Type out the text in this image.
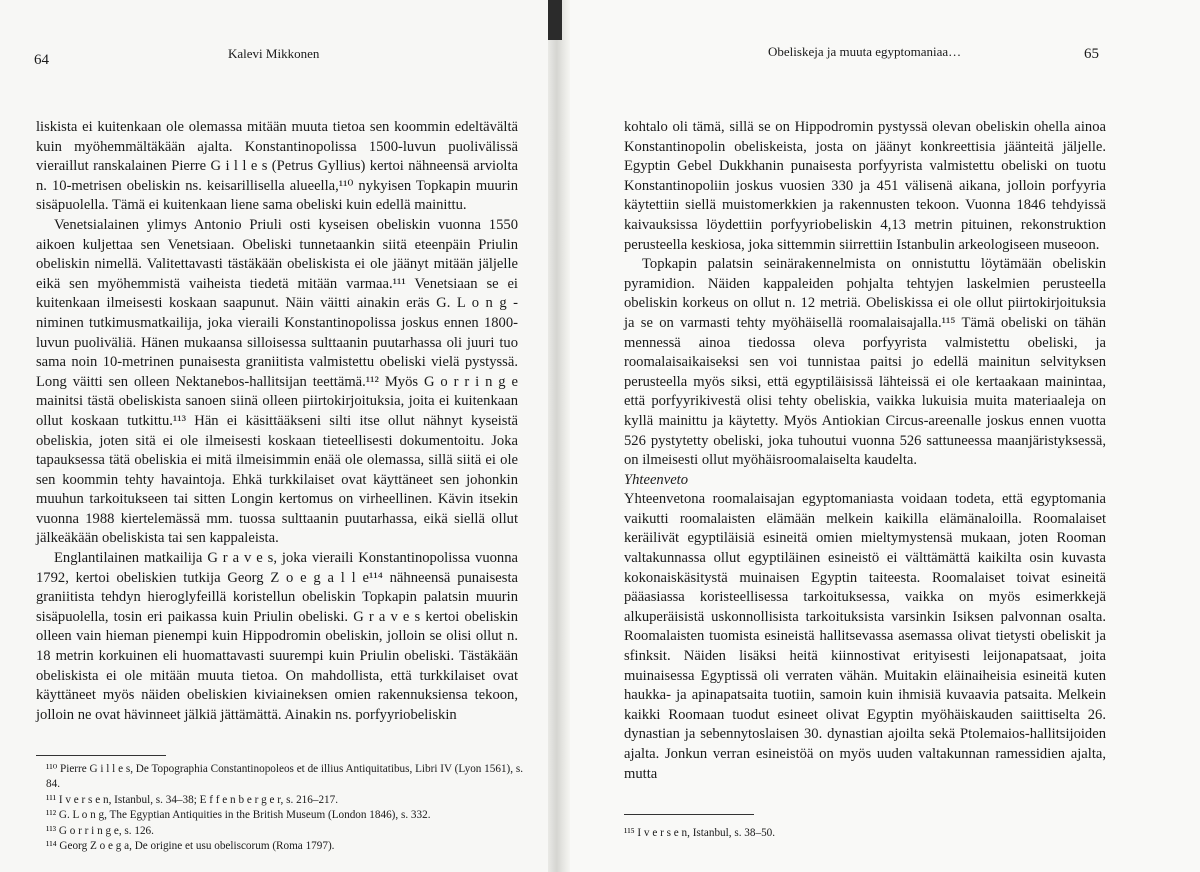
64	Kalevi Mikkonen

liskista ei kuitenkaan ole olemassa mitään muuta tietoa sen koommin edeltävältä kuin myöhemmältäkään ajalta. Konstantinopolissa 1500-luvun puolivälissä vieraillut ranskalainen Pierre G i l l e s (Petrus Gyllius) kertoi nähneensä arviolta n. 10-metrisen obeliskin ns. keisarillisella alueella,¹¹⁰ nykyisen Topkapin muurin sisäpuolella. Tämä ei kuitenkaan liene sama obeliski kuin edellä mainittu.

Venetsialainen ylimys Antonio Priuli osti kyseisen obeliskin vuonna 1550 aikoen kuljettaa sen Venetsiaan. Obeliski tunnetaankin siitä eteenpäin Priulin obeliskin nimellä. Valitettavasti tästäkään obeliskista ei ole jäänyt mitään jäljelle eikä sen myöhemmistä vaiheista tiedetä mitään varmaa.¹¹¹ Venetsiaan se ei kuitenkaan ilmeisesti koskaan saapunut. Näin väitti ainakin eräs G. L o n g -niminen tutkimusmatkailija, joka vieraili Konstantinopolissa joskus ennen 1800-luvun puoliväliä. Hänen mukaansa silloisessa sulttaanin puutarhassa oli juuri tuo sama noin 10-metrinen punaisesta graniitista valmistettu obeliski vielä pystyssä. Long väitti sen olleen Nektanebos-hallitsijan teettämä.¹¹² Myös G o r r i n g e mainitsi tästä obeliskista sanoen siinä olleen piirtokirjoituksia, joita ei kuitenkaan ollut koskaan tutkittu.¹¹³ Hän ei käsittääkseni silti itse ollut nähnyt kyseistä obeliskia, joten sitä ei ole ilmeisesti koskaan tieteellisesti dokumentoitu. Joka tapauksessa tätä obeliskia ei mitä ilmeisimmin enää ole olemassa, sillä siitä ei ole sen koommin tehty havaintoja. Ehkä turkkilaiset ovat käyttäneet sen johonkin muuhun tarkoitukseen tai sitten Longin kertomus on virheellinen. Kävin itsekin vuonna 1988 kiertelemässä mm. tuossa sulttaanin puutarhassa, eikä siellä ollut jälkeäkään obeliskista tai sen kappaleista.

Englantilainen matkailija G r a v e s, joka vieraili Konstantinopolissa vuonna 1792, kertoi obeliskien tutkija Georg Z o e g a l l e¹¹⁴ nähneensä punaisesta graniitista tehdyn hieroglyfeillä koristellun obeliskin Topkapin palatsin muurin sisäpuolella, tosin eri paikassa kuin Priulin obeliski. G r a v e s kertoi obeliskin olleen vain hieman pienempi kuin Hippodromin obeliskin, jolloin se olisi ollut n. 18 metrin korkuinen eli huomattavasti suurempi kuin Priulin obeliski. Tästäkään obeliskista ei ole mitään muuta tietoa. On mahdollista, että turkkilaiset ovat käyttäneet myös näiden obeliskien kiviaineksen omien rakennuksiensa tekoon, jolloin ne ovat hävinneet jälkiä jättämättä. Ainakin ns. porfyyriobeliskin

¹¹⁰ Pierre G i l l e s, De Topographia Constantinopoleos et de illius Antiquitatibus, Libri IV (Lyon 1561), s. 84.

¹¹¹ I v e r s e n, Istanbul, s. 34–38; E f f e n b e r g e r, s. 216–217.

¹¹² G. L o n g, The Egyptian Antiquities in the British Museum (London 1846), s. 332.

¹¹³ G o r r i n g e, s. 126.

¹¹⁴ Georg Z o e g a, De origine et usu obeliscorum (Roma 1797).

Obeliskeja ja muuta egyptomaniaa…	65

kohtalo oli tämä, sillä se on Hippodromin pystyssä olevan obeliskin ohella ainoa Konstantinopolin obeliskeista, josta on jäänyt konkreettisia jäänteitä jäljelle. Egyptin Gebel Dukkhanin punaisesta porfyyrista valmistettu obeliski on tuotu Konstantinopoliin joskus vuosien 330 ja 451 välisenä aikana, jolloin porfyyria käytettiin siellä muistomerkkien ja rakennusten tekoon. Vuonna 1846 tehdyissä kaivauksissa löydettiin porfyyriobeliskin 4,13 metrin pituinen, rekonstruktion perusteella keskiosa, joka sittemmin siirrettiin Istanbulin arkeologiseen museoon.

Topkapin palatsin seinärakennelmista on onnistuttu löytämään obeliskin pyramidion. Näiden kappaleiden pohjalta tehtyjen laskelmien perusteella obeliskin korkeus on ollut n. 12 metriä. Obeliskissa ei ole ollut piirtokirjoituksia ja se on varmasti tehty myöhäisellä roomalaisajalla.¹¹⁵ Tämä obeliski on tähän mennessä ainoa tiedossa oleva porfyyrista valmistettu obeliski, ja roomalaisaikaiseksi sen voi tunnistaa paitsi jo edellä mainitun selvityksen perusteella myös siksi, että egyptiläisissä lähteissä ei ole kertaakaan mainintaa, että porfyyrikivestä olisi tehty obeliskia, vaikka lukuisia muita materiaaleja on kyllä mainittu ja käytetty. Myös Antiokian Circus-areenalle joskus ennen vuotta 526 pystytetty obeliski, joka tuhoutui vuonna 526 sattuneessa maanjäristyksessä, on ilmeisesti ollut myöhäisroomalaiselta kaudelta.

Yhteenveto

Yhteenvetona roomalaisajan egyptomaniasta voidaan todeta, että egyptomania vaikutti roomalaisten elämään melkein kaikilla elämänaloilla. Roomalaiset keräilivät egyptiläisiä esineitä omien mieltymystensä mukaan, joten Rooman valtakunnassa ollut egyptiläinen esineistö ei välttämättä kaikilta osin kuvasta kokonaiskäsitystä muinaisen Egyptin taiteesta. Roomalaiset toivat esineitä pääasiassa koristeellisessa tarkoituksessa, vaikka on myös esimerkkejä alkuperäisistä uskonnollisista tarkoituksista varsinkin Isiksen palvonnan osalta. Roomalaisten tuomista esineistä hallitsevassa asemassa olivat tietysti obeliskit ja sfinksit. Näiden lisäksi heitä kiinnostivat erityisesti leijonapatsaat, joita muinaisessa Egyptissä oli verraten vähän. Muitakin eläinaiheisia esineitä kuten haukka- ja apinapatsaita tuotiin, samoin kuin ihmisiä kuvaavia patsaita. Melkein kaikki Roomaan tuodut esineet olivat Egyptin myöhäiskauden saiittiselta 26. dynastian ja sebennytoslaisen 30. dynastian ajoilta sekä Ptolemaios-hallitsijoiden ajalta. Jonkun verran esineistöä on myös uuden valtakunnan ramessidien ajalta, mutta

¹¹⁵ I v e r s e n, Istanbul, s. 38–50.
